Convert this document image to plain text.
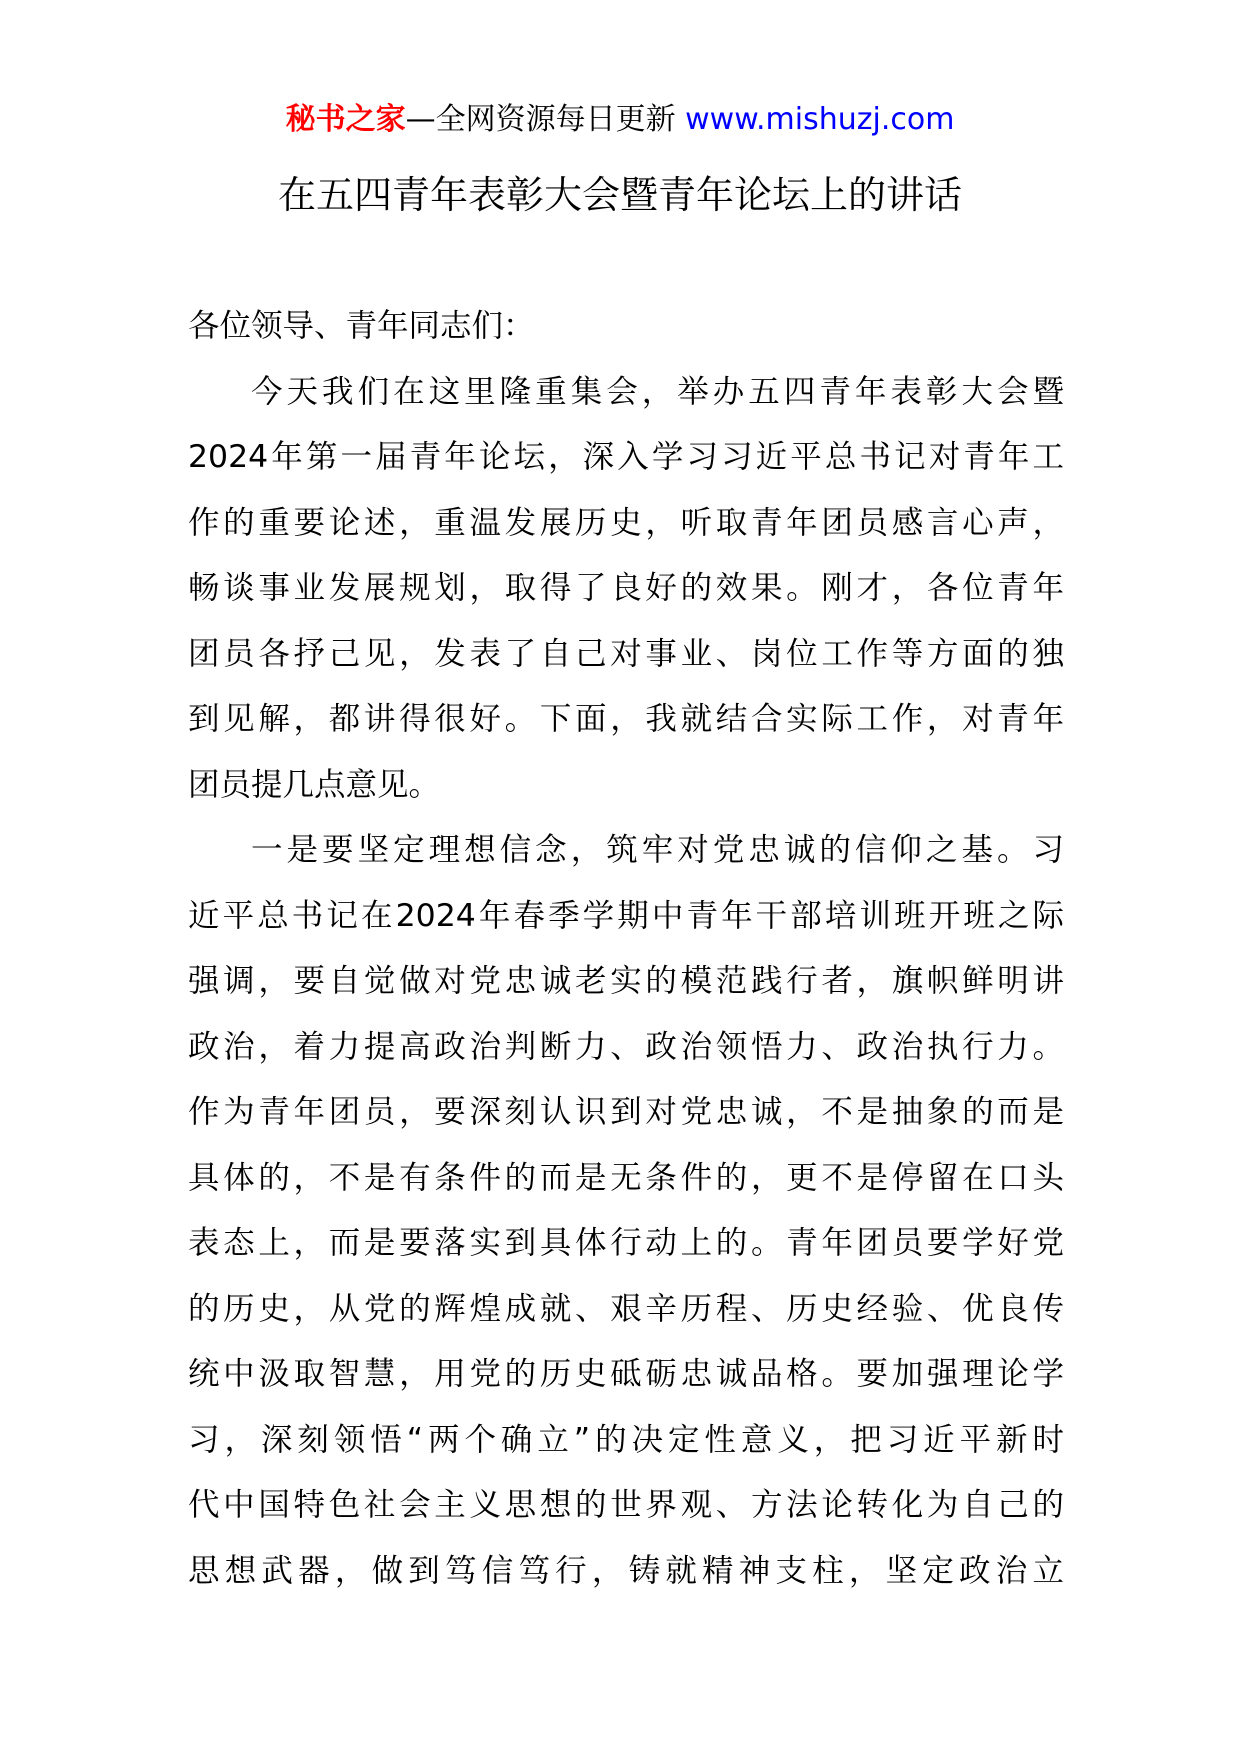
秘书之家—全网资源每日更新 www.mishuzj.com
在五四青年表彰大会暨青年论坛上的讲话
各位领导、青年同志们：
今天我们在这里隆重集会，举办五四青年表彰大会暨
2024年第一届青年论坛，深入学习习近平总书记对青年工
作的重要论述，重温发展历史，听取青年团员感言心声，
畅谈事业发展规划，取得了良好的效果。刚才，各位青年
团员各抒己见，发表了自己对事业、岗位工作等方面的独
到见解，都讲得很好。下面，我就结合实际工作，对青年
团员提几点意见。
一是要坚定理想信念，筑牢对党忠诚的信仰之基。习
近平总书记在2024年春季学期中青年干部培训班开班之际
强调，要自觉做对党忠诚老实的模范践行者，旗帜鲜明讲
政治，着力提高政治判断力、政治领悟力、政治执行力。
作为青年团员，要深刻认识到对党忠诚，不是抽象的而是
具体的，不是有条件的而是无条件的，更不是停留在口头
表态上，而是要落实到具体行动上的。青年团员要学好党
的历史，从党的辉煌成就、艰辛历程、历史经验、优良传
统中汲取智慧，用党的历史砥砺忠诚品格。要加强理论学
习，深刻领悟“两个确立”的决定性意义，把习近平新时
代中国特色社会主义思想的世界观、方法论转化为自己的
思想武器，做到笃信笃行，铸就精神支柱，坚定政治立
